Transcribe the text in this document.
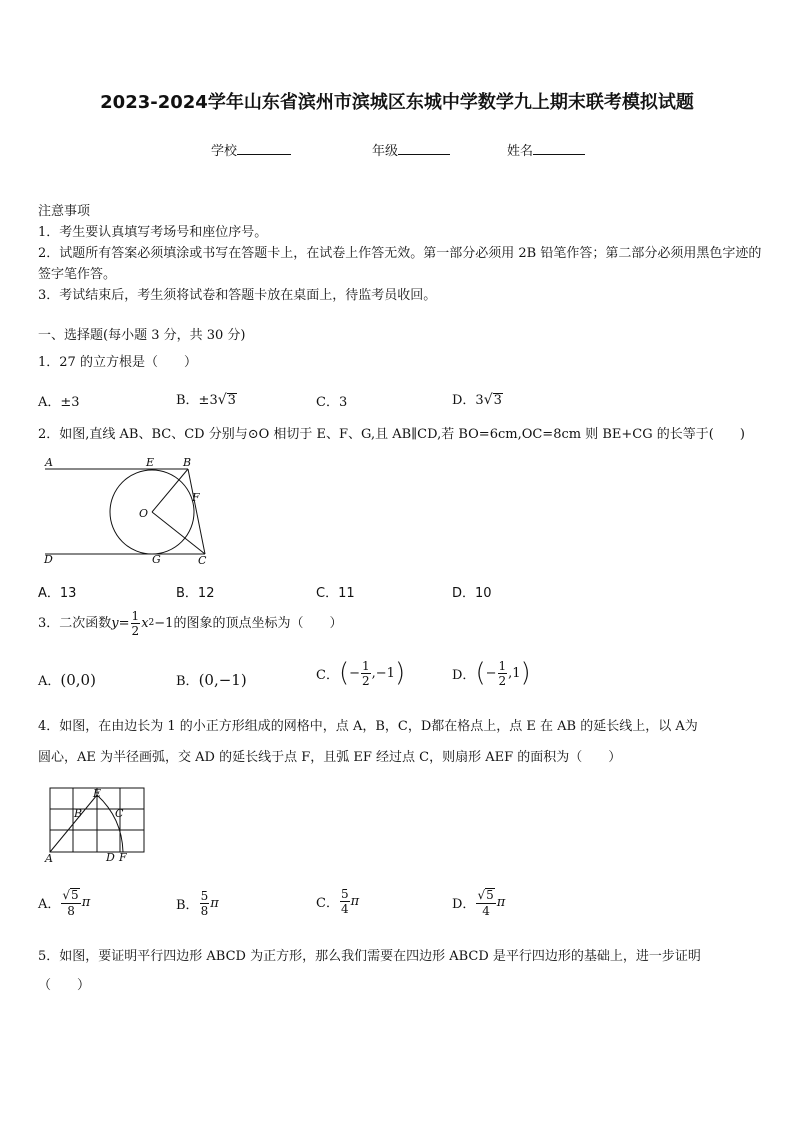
2023-2024学年山东省滨州市滨城区东城中学数学九上期末联考模拟试题
学校	年级	姓名
注意事项
1．考生要认真填写考场号和座位序号。
2．试题所有答案必须填涂或书写在答题卡上，在试卷上作答无效。第一部分必须用 2B 铅笔作答；第二部分必须用黑色字迹的签字笔作答。
3．考试结束后，考生须将试卷和答题卡放在桌面上，待监考员收回。
一、选择题(每小题 3 分，共 30 分)
1．27 的立方根是（　　）
A．±3	B．±3√3	C．3	D．3√3
2．如图,直线 AB、BC、CD 分别与⊙O 相切于 E、F、G,且 AB∥CD,若 BO=6cm,OC=8cm 则 BE+CG 的长等于(　　)
A	E	B
F
O
D	G	C
A．13	B．12	C．11	D．10
3．二次函数 $y = \frac{1}{2}$ x 2 −1 的图象的顶点坐标为（　　）
A．(0,0)	B．(0,−1)	C． ( − $\frac{1}{2} ,-1$ )	D． ( − $\frac{1}{2} ,1$ )
4．如图，在由边长为 1 的小正方形组成的网格中，点 A，B，C，D都在格点上，点 E 在 AB 的延长线上，以 A为
圆心，AE 为半径画弧，交 AD 的延长线于点 F，且弧 EF 经过点 C，则扇形 AEF 的面积为（　　）
E
B	C
A	D F
A． $\frac{√5}{8}$ π	B． $\frac{5}{8}$ π	C． $\frac{5}{4}$ π	D． $\frac{√5}{4}$ π
5．如图，要证明平行四边形 ABCD 为正方形，那么我们需要在四边形 ABCD 是平行四边形的基础上，进一步证明
（　　）
